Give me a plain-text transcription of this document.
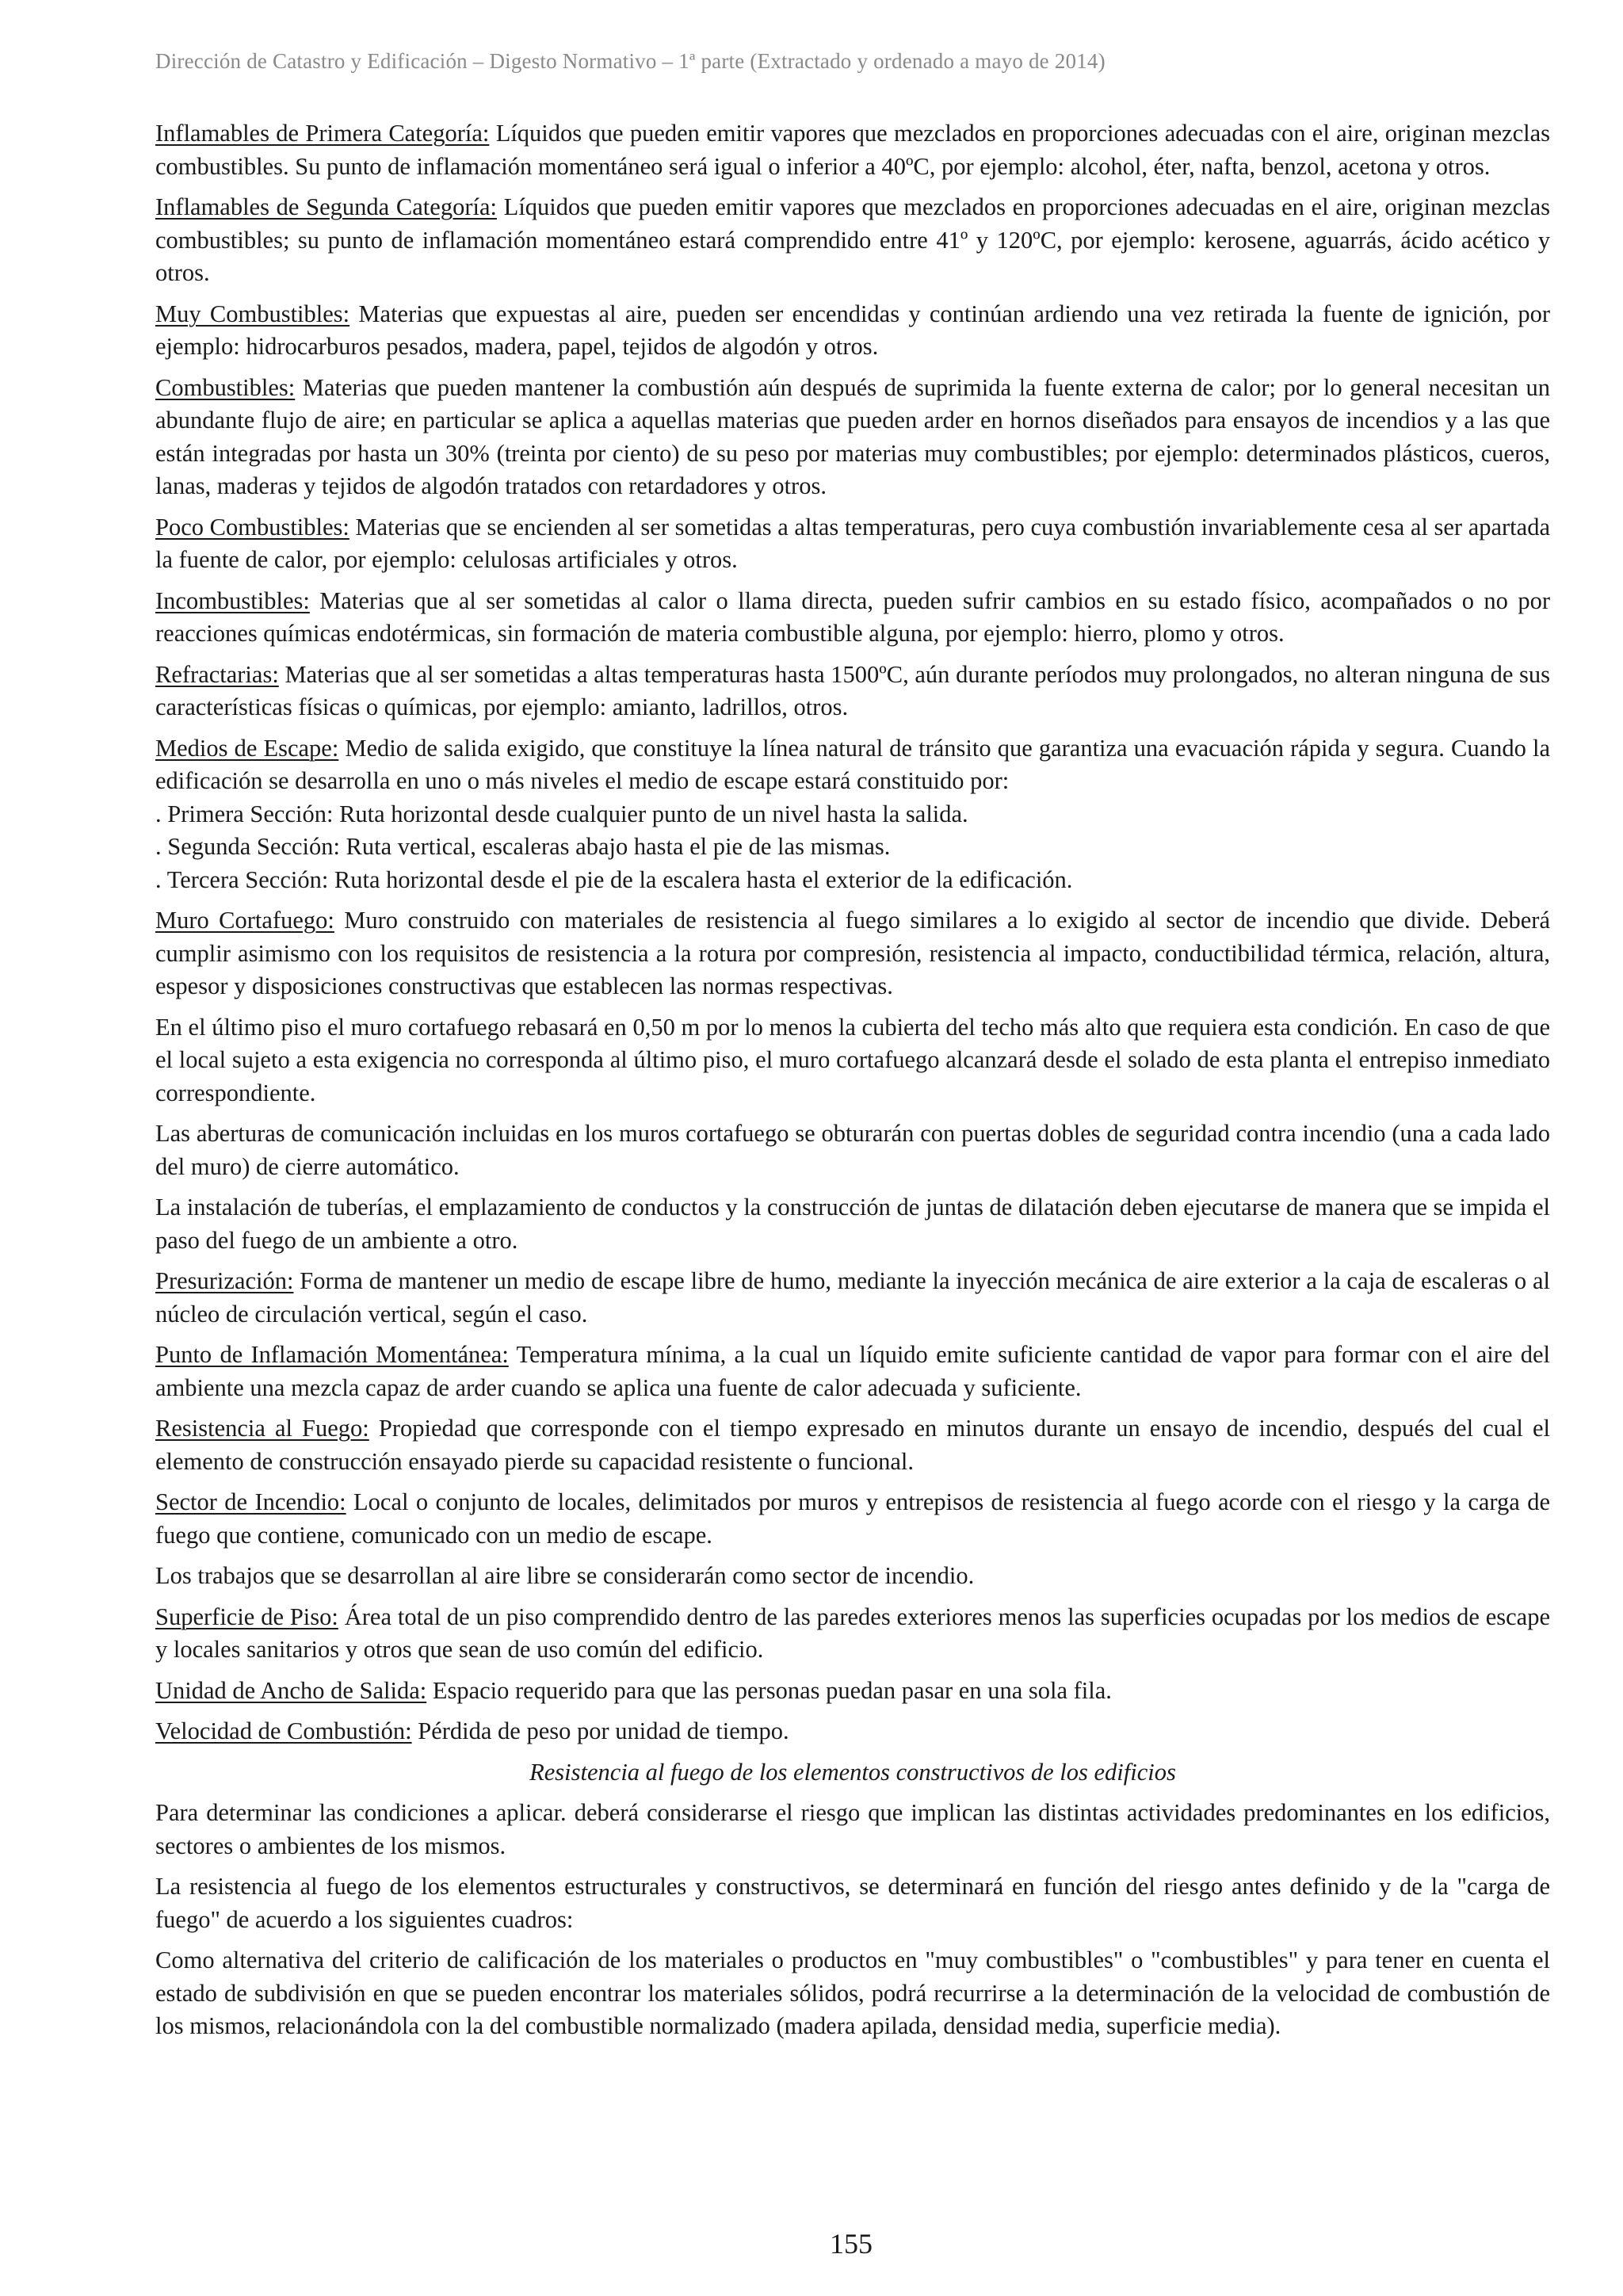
Dirección de Catastro y Edificación – Digesto Normativo – 1ª parte (Extractado y ordenado a mayo de 2014)

Inflamables de Primera Categoría: Líquidos que pueden emitir vapores que mezclados en proporciones adecuadas con el aire, originan mezclas combustibles. Su punto de inflamación momentáneo será igual o inferior a 40ºC, por ejemplo: alcohol, éter, nafta, benzol, acetona y otros.

Inflamables de Segunda Categoría: Líquidos que pueden emitir vapores que mezclados en proporciones adecuadas en el aire, originan mezclas combustibles; su punto de inflamación momentáneo estará comprendido entre 41º y 120ºC, por ejemplo: kerosene, aguarrás, ácido acético y otros.

Muy Combustibles: Materias que expuestas al aire, pueden ser encendidas y continúan ardiendo una vez retirada la fuente de ignición, por ejemplo: hidrocarburos pesados, madera, papel, tejidos de algodón y otros.

Combustibles: Materias que pueden mantener la combustión aún después de suprimida la fuente externa de calor; por lo general necesitan un abundante flujo de aire; en particular se aplica a aquellas materias que pueden arder en hornos diseñados para ensayos de incendios y a las que están integradas por hasta un 30% (treinta por ciento) de su peso por materias muy combustibles; por ejemplo: determinados plásticos, cueros, lanas, maderas y tejidos de algodón tratados con retardadores y otros.

Poco Combustibles: Materias que se encienden al ser sometidas a altas temperaturas, pero cuya combustión invariablemente cesa al ser apartada la fuente de calor, por ejemplo: celulosas artificiales y otros.

Incombustibles: Materias que al ser sometidas al calor o llama directa, pueden sufrir cambios en su estado físico, acompañados o no por reacciones químicas endotérmicas, sin formación de materia combustible alguna, por ejemplo: hierro, plomo y otros.

Refractarias: Materias que al ser sometidas a altas temperaturas hasta 1500ºC, aún durante períodos muy prolongados, no alteran ninguna de sus características físicas o químicas, por ejemplo: amianto, ladrillos, otros.

Medios de Escape: Medio de salida exigido, que constituye la línea natural de tránsito que garantiza una evacuación rápida y segura. Cuando la edificación se desarrolla en uno o más niveles el medio de escape estará constituido por:

. Primera Sección: Ruta horizontal desde cualquier punto de un nivel hasta la salida.

. Segunda Sección: Ruta vertical, escaleras abajo hasta el pie de las mismas.

. Tercera Sección: Ruta horizontal desde el pie de la escalera hasta el exterior de la edificación.

Muro Cortafuego: Muro construido con materiales de resistencia al fuego similares a lo exigido al sector de incendio que divide. Deberá cumplir asimismo con los requisitos de resistencia a la rotura por compresión, resistencia al impacto, conductibilidad térmica, relación, altura, espesor y disposiciones constructivas que establecen las normas respectivas.

En el último piso el muro cortafuego rebasará en 0,50 m por lo menos la cubierta del techo más alto que requiera esta condición. En caso de que el local sujeto a esta exigencia no corresponda al último piso, el muro cortafuego alcanzará desde el solado de esta planta el entrepiso inmediato correspondiente.

Las aberturas de comunicación incluidas en los muros cortafuego se obturarán con puertas dobles de seguridad contra incendio (una a cada lado del muro) de cierre automático.

La instalación de tuberías, el emplazamiento de conductos y la construcción de juntas de dilatación deben ejecutarse de manera que se impida el paso del fuego de un ambiente a otro.

Presurización: Forma de mantener un medio de escape libre de humo, mediante la inyección mecánica de aire exterior a la caja de escaleras o al núcleo de circulación vertical, según el caso.

Punto de Inflamación Momentánea: Temperatura mínima, a la cual un líquido emite suficiente cantidad de vapor para formar con el aire del ambiente una mezcla capaz de arder cuando se aplica una fuente de calor adecuada y suficiente.

Resistencia al Fuego: Propiedad que corresponde con el tiempo expresado en minutos durante un ensayo de incendio, después del cual el elemento de construcción ensayado pierde su capacidad resistente o funcional.

Sector de Incendio: Local o conjunto de locales, delimitados por muros y entrepisos de resistencia al fuego acorde con el riesgo y la carga de fuego que contiene, comunicado con un medio de escape.

Los trabajos que se desarrollan al aire libre se considerarán como sector de incendio.

Superficie de Piso: Área total de un piso comprendido dentro de las paredes exteriores menos las superficies ocupadas por los medios de escape y locales sanitarios y otros que sean de uso común del edificio.

Unidad de Ancho de Salida: Espacio requerido para que las personas puedan pasar en una sola fila.

Velocidad de Combustión: Pérdida de peso por unidad de tiempo.

Resistencia al fuego de los elementos constructivos de los edificios

Para determinar las condiciones a aplicar. deberá considerarse el riesgo que implican las distintas actividades predominantes en los edificios, sectores o ambientes de los mismos.

La resistencia al fuego de los elementos estructurales y constructivos, se determinará en función del riesgo antes definido y de la "carga de fuego" de acuerdo a los siguientes cuadros:

Como alternativa del criterio de calificación de los materiales o productos en "muy combustibles" o "combustibles" y para tener en cuenta el estado de subdivisión en que se pueden encontrar los materiales sólidos, podrá recurrirse a la determinación de la velocidad de combustión de los mismos, relacionándola con la del combustible normalizado (madera apilada, densidad media, superficie media).

155
